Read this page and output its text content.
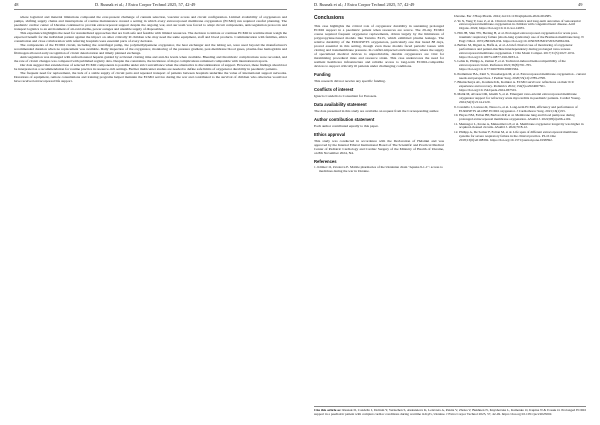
48	D. Rusnak et al.; J Extra Corpor Technol 2025, 57, 42-49

where logistical and material limitations compound the ever-present challenge of cannula selection, vascular access and circuit configuration. Limited availability of oxygenators and pumps, shifting supply chains and interruptions of routine maintenance created a setting in which every extracorporeal membrane oxygenation (ECMO) run required careful planning. The paediatric cardiac center of Ukraine continued to provide extracorporeal support despite the ongoing war, and our team was forced to adapt circuit components, anticoagulation protocols and transport logistics to an environment of air-raid alarms, power outages and unstable supply of disposables.

This experience highlights the need for standardized approaches that are both safe and feasible with limited resources. The decision to initiate or continue ECMO in wartime must weigh the expected benefit for the individual patient against the impact on other critically ill children who may need the same equipment, staff and blood products. Communication with families, ethics consultation and close collaboration with referring hospitals were essential parts of every decision.

The components of the ECMO circuit, including the centrifugal pump, the polymethylpentene oxygenator, the heat exchanger and the tubing set, were used beyond the manufacturer's recommended duration when no replacement was available. Daily inspection of the oxygenator, monitoring of the pressure gradient, post-membrane blood gases, plasma-free hemoglobin and fibrinogen allowed early recognition of circuit deterioration and timely planned exchange.

Anticoagulation was managed with unfractionated heparin guided by activated clotting time and anti-Xa levels when available. Bleeding and thrombotic complications were recorded, and the rate of circuit changes was compared with published registry data. Despite the constraints, the incidence of major complications remained comparable with international reports.

Our data suggest that extended use of selected ECMO components is possible under strict surveillance when the alternative is discontinuation of support. However, these findings should not be interpreted as a recommendation for routine practice in resource-rich settings. Further multicenter studies are needed to define safe limits of oxygenator durability in paediatric patients.

The frequent need for replacement, the lack of a stable supply of circuit parts and repeated transport of patients between hospitals underline the value of international support networks. Donations of equipment, remote consultations and training programs helped maintain the ECMO service during the war and contributed to the survival of children who otherwise would not have received extracorporeal life support.

D. Rusnak et al.; J Extra Corpor Technol 2025, 57, 42-49	49
Conclusions

This case highlights the critical role of oxygenator durability in sustaining prolonged ECMO support in a paediatric patient when resources are scarce. The 29-day ECMO course required frequent oxygenator replacements, driven largely by the limitations of polypropylene-based models like Terumo Ex15, which exhibited plasma leakage. The relative durability of the EUROSETS oxygenators, particularly one that lasted 88 days, proved essential in this setting, though even these models faced periodic issues with clotting and transmembrane pressure. In conflict-impacted environments, where the supply of specialized medical devices is unpredictable, durable oxygenators are vital for maximizing procedural risks and resource strain. This case underscores the need for resilient healthcare infrastructure and reliable access to long-term ECMO-compatible devices to support critically ill patients under challenging conditions.

Funding

This research did not receive any specific funding.

Conflicts of interest

Ignacio Condello is Consultant for Eurosets.

Data availability statement

The data presented in this study are available on request from the Corresponding author.

Author contribution statement

Each author contributed equally to this paper.

Ethics approval

This study was conducted in accordance with the Declaration of Helsinki and was approved by the Internal Ethical Institutional Board of The Scientific and Practical Medical Center of Pediatric Cardiology and Cardiac Surgery of the Ministry of Health of Ukraine, on 8th November 2024, N4.

References

1. Klimov O, Zavalova E. Mobile pharmacies of the Ukrainian chain "Apteka 9-1-1": access to medicines during the war in Ukraine.

Ukraine. Eur J Hosp Pharm. 2024; doi:10.1136/ejhpharm-2024-004385.

2. Ye X, Yang Y, Guo Z, et al. Clinical characteristics and long-term outcomes of venoarterial extracorporeal membrane oxygenation in children with congenital heart disease. Artif Organs. 2024; https://doi.org/10.1111/aor.14935.

3. Hilt JH, Shin TW, Herting H, et al. Prolonged extracorporeal oxygenation for acute post-traumatic respiratory failure (shock-lung syndrome): use of the Bramson membrane lung. N Engl J Med. 1972;286:629-634. https://doi.org/10.1056/NEJM197203232861204.

4. Bellato M, Digani A, Baffa A, et al. A brief clinical case of monitoring of oxygenator performance and patient-machine interdependency during prolonged veno-venous extracorporeal membrane oxygenation. J Clin Monit Comput. 2017;31(5):1027-1031. https://doi.org/10.1007/s10877-016-9933-4.

5. Lehle K, Philipp A, Zeman F, et al. Technical-induced hemocompatibility of the extracorporeal circuit. Perfusion 2021;36(8):761-765. https://doi.org/10.1177/0267659120963364.

6. Premnitzer BA, Zintl S, Vossebergen M, et al. Extracorporeal membrane oxygenation - current needs and perspectives. J Pediatr Surg. 2020;55(12):2789-2798.

7. Bhattacharya AL, Koshnie KK, Komkar A. ECMO survivors: reflections on their ICU experience and recovery. Pediatrics 2024; 154(5):e2024067501. https://doi.org/10.1542/peds.2024-067501.

8. Malik M, Alvarez OR, Gheith S, et al. Emergent veno-arterial extracorporeal membrane oxygenator support for refractory acute myocarditis in paediatric patients. Cardiol Young. 2024;34(3):2114-2120.

9. Condello I, Lorusso R, Nasso G, et al. Long-term ECMO, efficiency and performance of EUROSETS ALONE ECMO oxygenator. J Cardiothorac Surg. 2021;16(1):93.

10. Hayes NM, Fallon BP, Barbaro RP, et al. Membrane lung and blood pump use during prolonged extracorporeal membrane oxygenation. ASAIO J. 2022;68(4):e96-e102.

11. Mennagor L, Krone A, Maksoimova P, et al. Membrane oxygenator longevity was higher in acquired-cleaned circuits. ASAIO J. 2024;70:8-12.

12. Philipp A, De Somer F, Foltan M, et al. Life span of different extracorporeal membrane systems for severe respiratory failure in the clinical practice. PLoS One 2018;13(6):e0198392. https://doi.org/10.1371/journal.pone.0198392.

Cite this article as: Rusnak D, Condello I, Dolinin Y, Vertuzhen S, Aleksieieva K, Lelevrets A, Pakita V, Zhoka V, Bukhnen N, Knyshevska L, Kamenko O, Kupina N & Ivasuk O. Prolonged ECMO support in a paediatric patient with complex cardiac conditions during wartime in Kyiv, Ukraine. J Extra Corpor Technol 2025, 57, 42-49. https://doi.org/10.1051/ject/2025004
